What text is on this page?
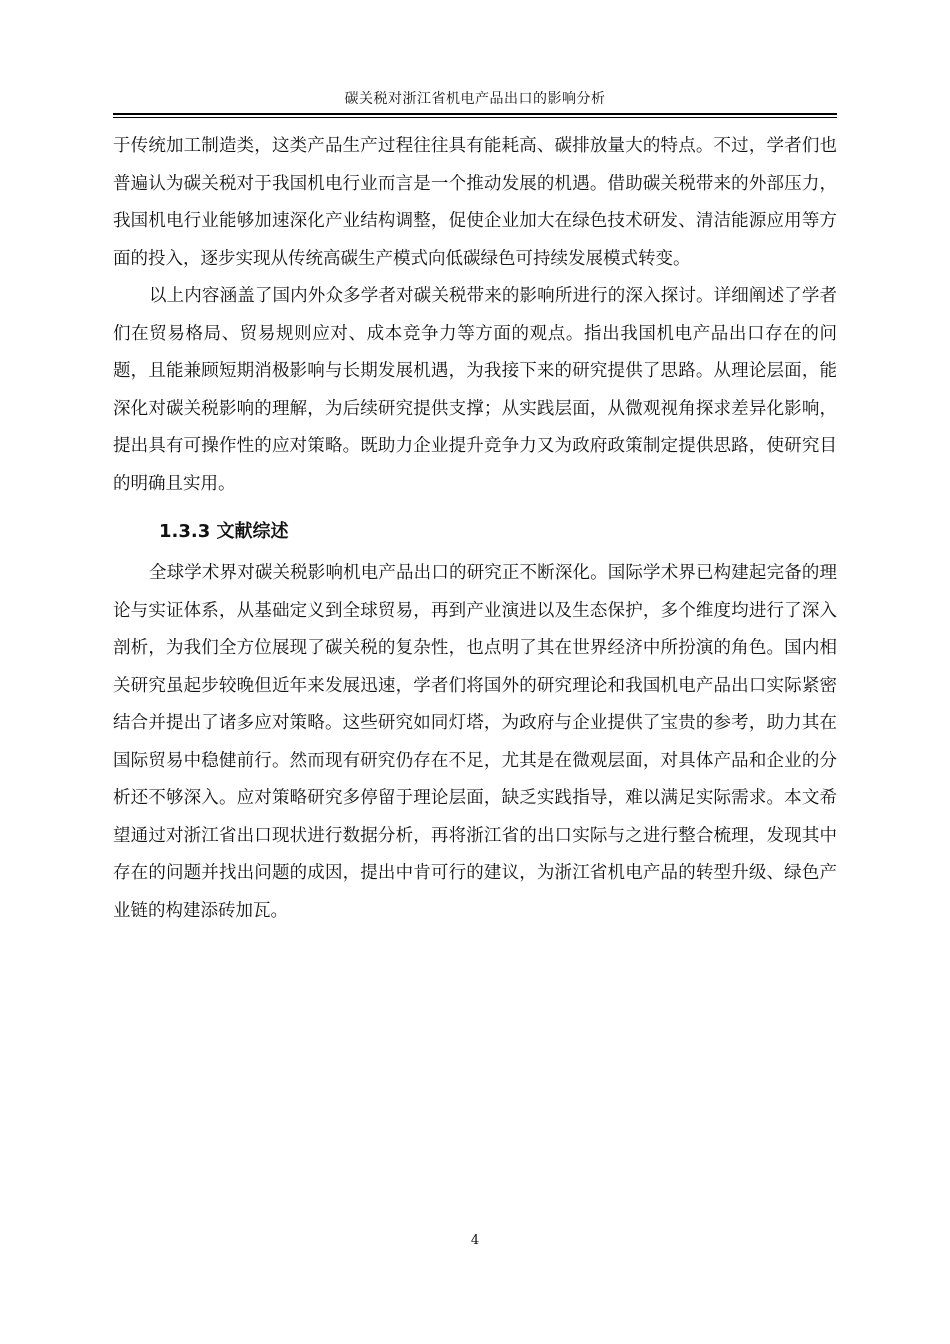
碳关税对浙江省机电产品出口的影响分析

于传统加工制造类，这类产品生产过程往往具有能耗高、碳排放量大的特点。不过，学者们也普遍认为碳关税对于我国机电行业而言是一个推动发展的机遇。借助碳关税带来的外部压力，我国机电行业能够加速深化产业结构调整，促使企业加大在绿色技术研发、清洁能源应用等方面的投入，逐步实现从传统高碳生产模式向低碳绿色可持续发展模式转变。

以上内容涵盖了国内外众多学者对碳关税带来的影响所进行的深入探讨。详细阐述了学者们在贸易格局、贸易规则应对、成本竞争力等方面的观点。指出我国机电产品出口存在的问题，且能兼顾短期消极影响与长期发展机遇，为我接下来的研究提供了思路。从理论层面，能深化对碳关税影响的理解，为后续研究提供支撑；从实践层面，从微观视角探求差异化影响，提出具有可操作性的应对策略。既助力企业提升竞争力又为政府政策制定提供思路，使研究目的明确且实用。

1.3.3 文献综述

全球学术界对碳关税影响机电产品出口的研究正不断深化。国际学术界已构建起完备的理论与实证体系，从基础定义到全球贸易，再到产业演进以及生态保护，多个维度均进行了深入剖析，为我们全方位展现了碳关税的复杂性，也点明了其在世界经济中所扮演的角色。国内相关研究虽起步较晚但近年来发展迅速，学者们将国外的研究理论和我国机电产品出口实际紧密结合并提出了诸多应对策略。这些研究如同灯塔，为政府与企业提供了宝贵的参考，助力其在国际贸易中稳健前行。然而现有研究仍存在不足，尤其是在微观层面，对具体产品和企业的分析还不够深入。应对策略研究多停留于理论层面，缺乏实践指导，难以满足实际需求。本文希望通过对浙江省出口现状进行数据分析，再将浙江省的出口实际与之进行整合梳理，发现其中存在的问题并找出问题的成因，提出中肯可行的建议，为浙江省机电产品的转型升级、绿色产业链的构建添砖加瓦。

4
